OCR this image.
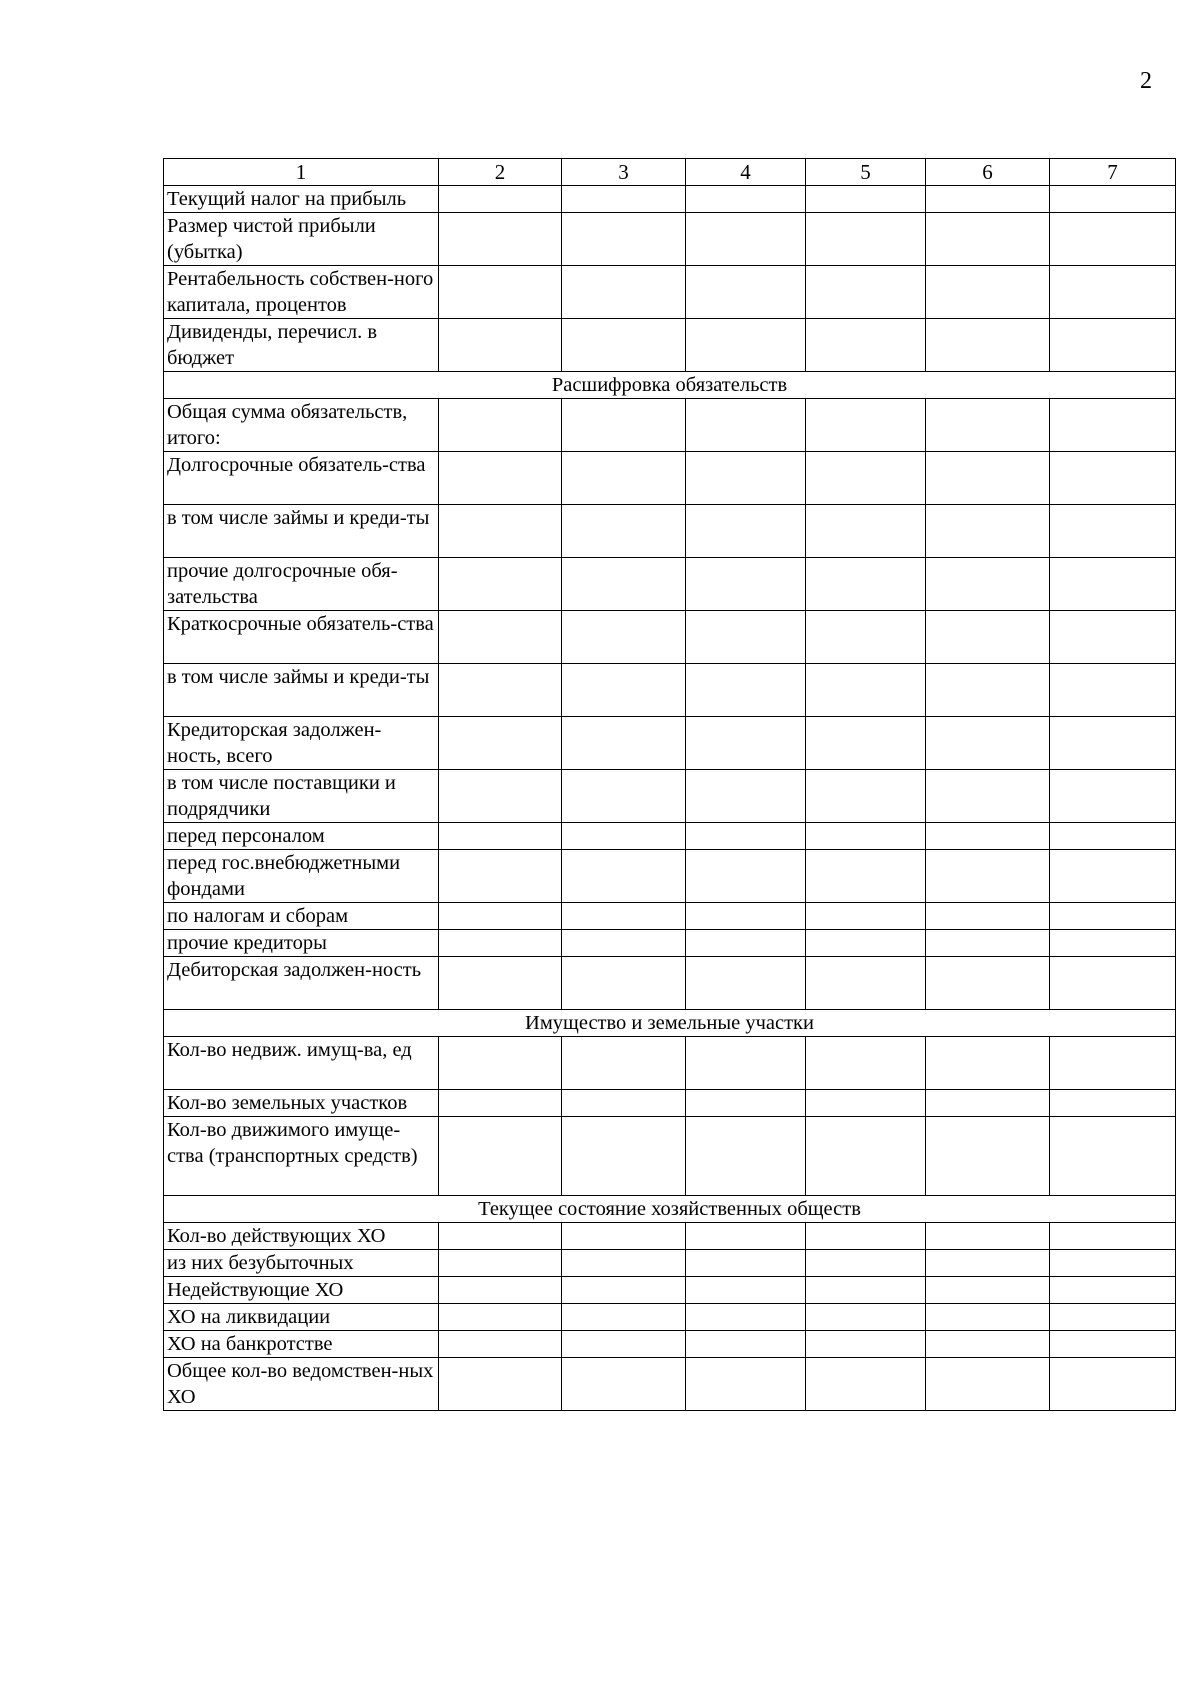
2
1	2	3	4	5	6	7
Текущий налог на прибыль						
Размер чистой прибыли (убытка)						
Рентабельность собствен-ного капитала, процентов						
Дивиденды, перечисл. в бюджет						
Расшифровка обязательств						
Общая сумма обязательств, итого:						
Долгосрочные обязатель-ства						
в том числе займы и креди-ты						
прочие долгосрочные обя-зательства						
Краткосрочные обязатель-ства						
в том числе займы и креди-ты						
Кредиторская задолжен-ность, всего						
в том числе поставщики и подрядчики						
перед персоналом						
перед гос.внебюджетными фондами						
по налогам и сборам						
прочие кредиторы						
Дебиторская задолжен-ность						
Имущество и земельные участки						
Кол-во недвиж. имущ-ва, ед						
Кол-во земельных участков						
Кол-во движимого имуще-ства (транспортных средств)						
Текущее состояние хозяйственных обществ						
Кол-во действующих ХО						
из них безубыточных						
Недействующие ХО						
ХО на ликвидации						
ХО на банкротстве						
Общее кол-во ведомствен-ных ХО						
